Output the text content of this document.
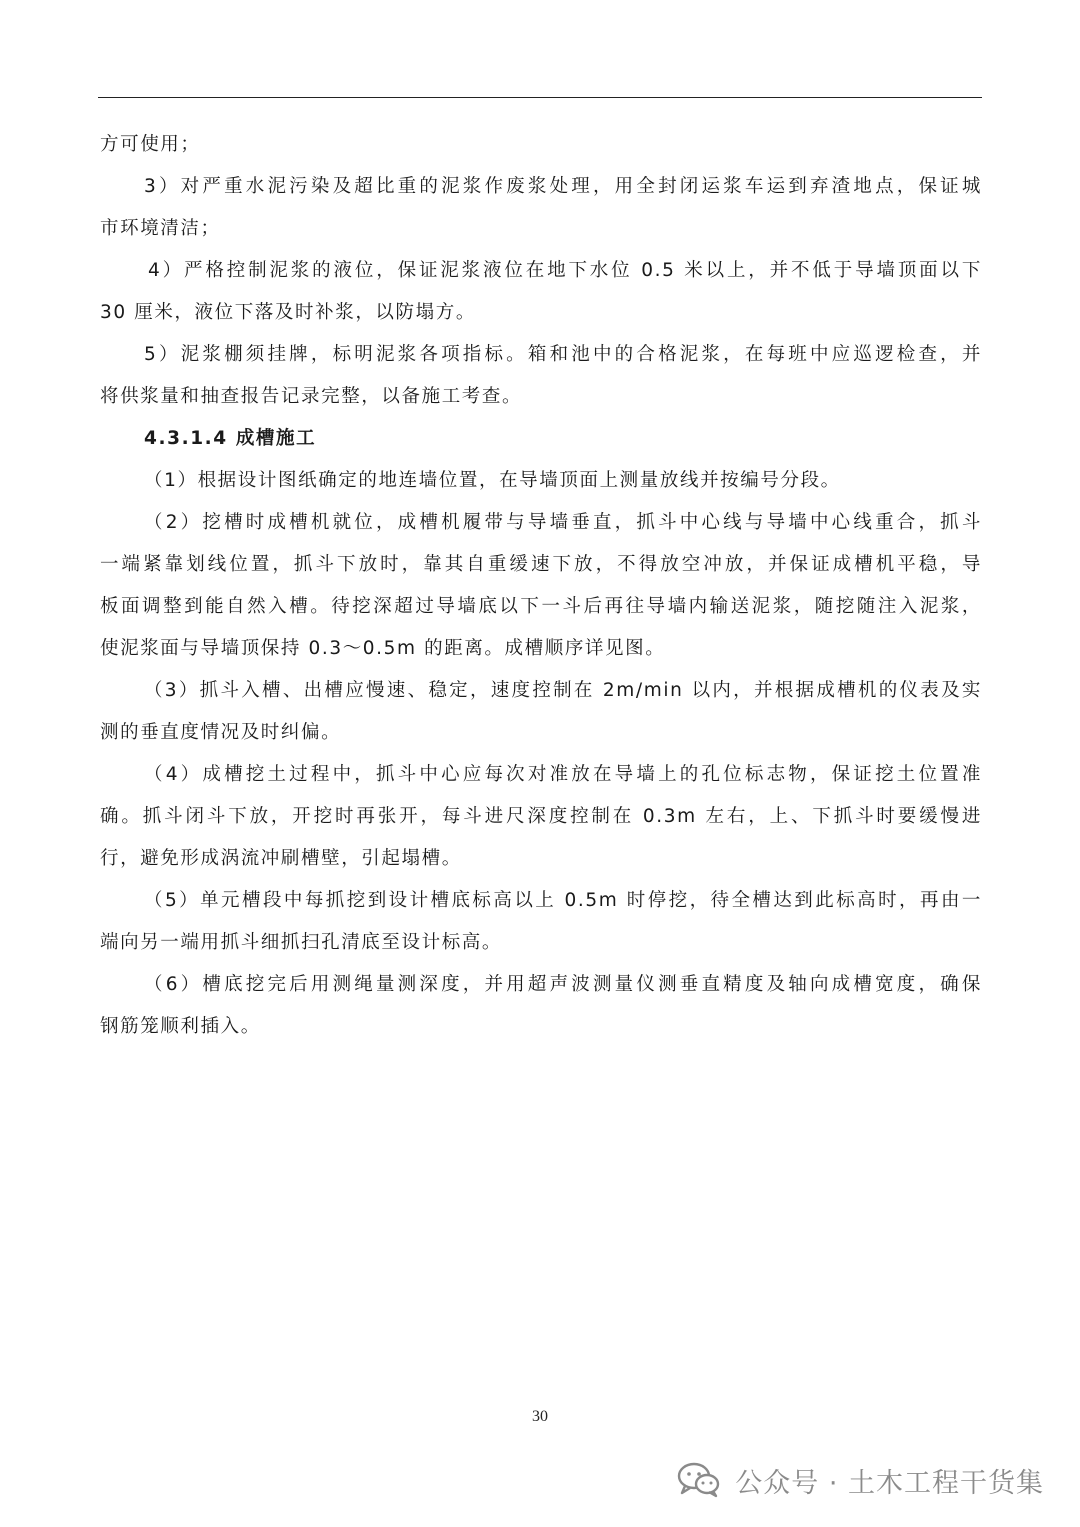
方可使用；
3）对严重水泥污染及超比重的泥浆作废浆处理，用全封闭运浆车运到弃渣地点，保证城
市环境清洁；
4）严格控制泥浆的液位，保证泥浆液位在地下水位 0.5 米以上，并不低于导墙顶面以下
30 厘米，液位下落及时补浆，以防塌方。
5）泥浆棚须挂牌，标明泥浆各项指标。箱和池中的合格泥浆，在每班中应巡逻检查，并
将供浆量和抽查报告记录完整，以备施工考查。
4.3.1.4 成槽施工
（1）根据设计图纸确定的地连墙位置，在导墙顶面上测量放线并按编号分段。
（2）挖槽时成槽机就位，成槽机履带与导墙垂直，抓斗中心线与导墙中心线重合，抓斗
一端紧靠划线位置，抓斗下放时，靠其自重缓速下放，不得放空冲放，并保证成槽机平稳，导
板面调整到能自然入槽。待挖深超过导墙底以下一斗后再往导墙内输送泥浆，随挖随注入泥浆，
使泥浆面与导墙顶保持 0.3～0.5m 的距离。成槽顺序详见图。
（3）抓斗入槽、出槽应慢速、稳定，速度控制在 2m/min 以内，并根据成槽机的仪表及实
测的垂直度情况及时纠偏。
（4）成槽挖土过程中，抓斗中心应每次对准放在导墙上的孔位标志物，保证挖土位置准
确。抓斗闭斗下放，开挖时再张开，每斗进尺深度控制在 0.3m 左右，上、下抓斗时要缓慢进
行，避免形成涡流冲刷槽壁，引起塌槽。
（5）单元槽段中每抓挖到设计槽底标高以上 0.5m 时停挖，待全槽达到此标高时，再由一
端向另一端用抓斗细抓扫孔清底至设计标高。
（6）槽底挖完后用测绳量测深度，并用超声波测量仪测垂直精度及轴向成槽宽度，确保
钢筋笼顺利插入。
30
公众号 · 土木工程干货集
